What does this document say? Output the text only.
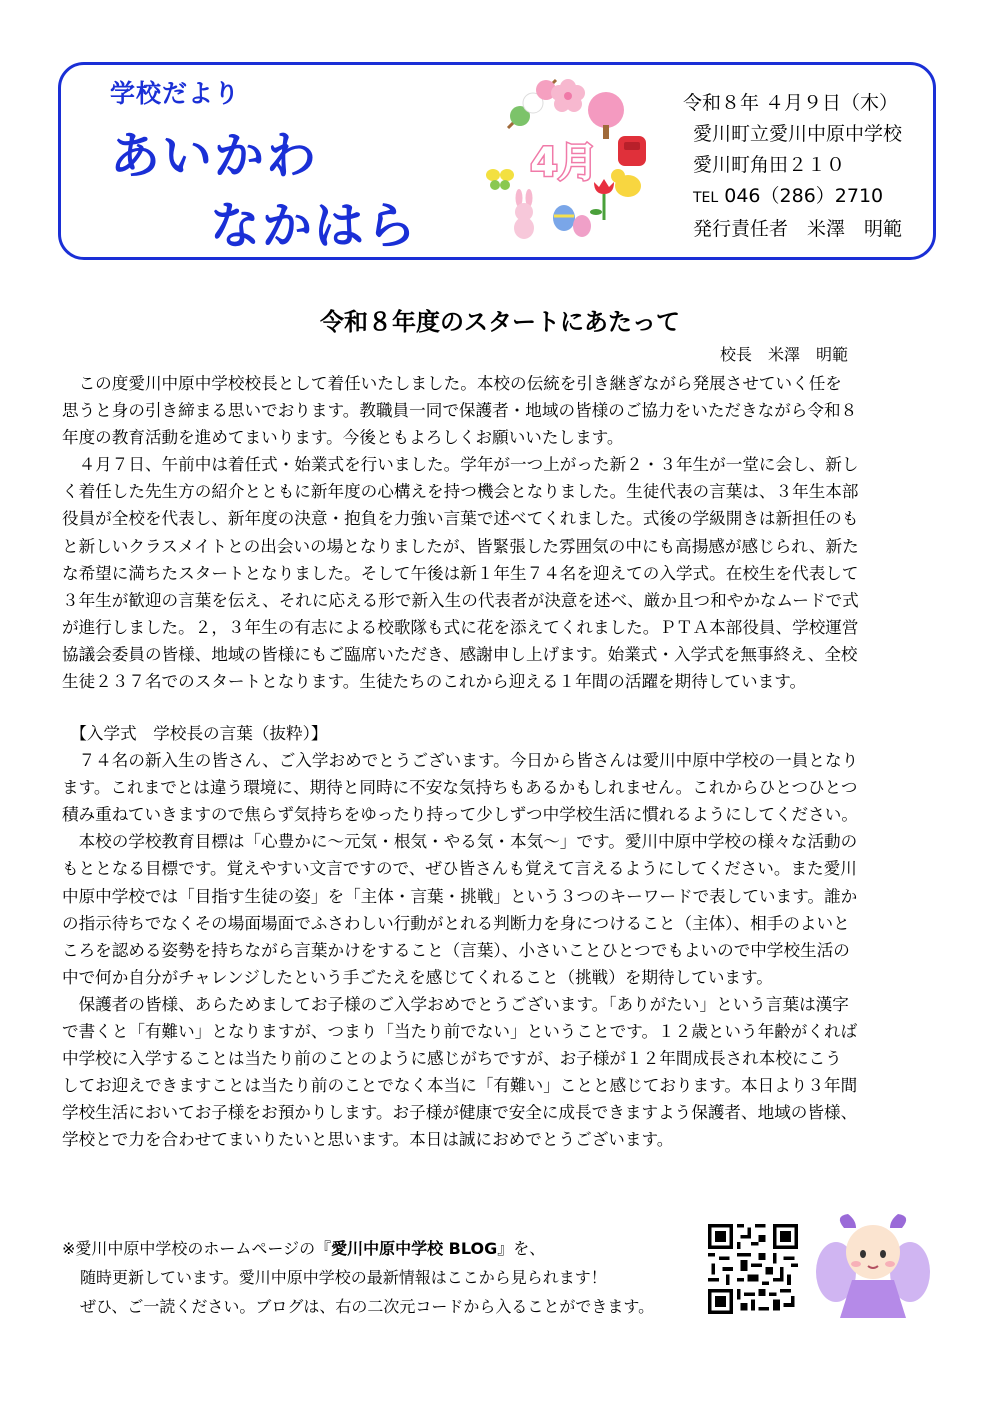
学校だより
あいかわ
なかはら
4月
令和８年 ４月９日（木）
愛川町立愛川中原中学校
愛川町角田２１０
TEL 046（286）2710
発行責任者　米澤　明範
令和８年度のスタートにあたって
校長　米澤　明範
　この度愛川中原中学校校長として着任いたしました。本校の伝統を引き継ぎながら発展させていく任を
思うと身の引き締まる思いでおります。教職員一同で保護者・地域の皆様のご協力をいただきながら令和８
年度の教育活動を進めてまいります。今後ともよろしくお願いいたします。
　４月７日、午前中は着任式・始業式を行いました。学年が一つ上がった新２・３年生が一堂に会し、新し
く着任した先生方の紹介とともに新年度の心構えを持つ機会となりました。生徒代表の言葉は、３年生本部
役員が全校を代表し、新年度の決意・抱負を力強い言葉で述べてくれました。式後の学級開きは新担任のも
と新しいクラスメイトとの出会いの場となりましたが、皆緊張した雰囲気の中にも高揚感が感じられ、新た
な希望に満ちたスタートとなりました。そして午後は新１年生７４名を迎えての入学式。在校生を代表して
３年生が歓迎の言葉を伝え、それに応える形で新入生の代表者が決意を述べ、厳か且つ和やかなムードで式
が進行しました。２，３年生の有志による校歌隊も式に花を添えてくれました。ＰＴＡ本部役員、学校運営
協議会委員の皆様、地域の皆様にもご臨席いただき、感謝申し上げます。始業式・入学式を無事終え、全校
生徒２３７名でのスタートとなります。生徒たちのこれから迎える１年間の活躍を期待しています。
　【入学式　学校長の言葉（抜粋）】
　７４名の新入生の皆さん、ご入学おめでとうございます。今日から皆さんは愛川中原中学校の一員となり
ます。これまでとは違う環境に、期待と同時に不安な気持ちもあるかもしれません。これからひとつひとつ
積み重ねていきますので焦らず気持ちをゆったり持って少しずつ中学校生活に慣れるようにしてください。
　本校の学校教育目標は「心豊かに～元気・根気・やる気・本気～」です。愛川中原中学校の様々な活動の
もととなる目標です。覚えやすい文言ですので、ぜひ皆さんも覚えて言えるようにしてください。また愛川
中原中学校では「目指す生徒の姿」を「主体・言葉・挑戦」という３つのキーワードで表しています。誰か
の指示待ちでなくその場面場面でふさわしい行動がとれる判断力を身につけること（主体）、相手のよいと
ころを認める姿勢を持ちながら言葉かけをすること（言葉）、小さいことひとつでもよいので中学校生活の
中で何か自分がチャレンジしたという手ごたえを感じてくれること（挑戦）を期待しています。
　保護者の皆様、あらためましてお子様のご入学おめでとうございます。「ありがたい」という言葉は漢字
で書くと「有難い」となりますが、つまり「当たり前でない」ということです。１２歳という年齢がくれば
中学校に入学することは当たり前のことのように感じがちですが、お子様が１２年間成長され本校にこう
してお迎えできますことは当たり前のことでなく本当に「有難い」ことと感じております。本日より３年間
学校生活においてお子様をお預かりします。お子様が健康で安全に成長できますよう保護者、地域の皆様、
学校とで力を合わせてまいりたいと思います。本日は誠におめでとうございます。
※愛川中原中学校のホームページの『愛川中原中学校 BLOG』を、
随時更新しています。愛川中原中学校の最新情報はここから見られます！
ぜひ、ご一読ください。ブログは、右の二次元コードから入ることができます。
